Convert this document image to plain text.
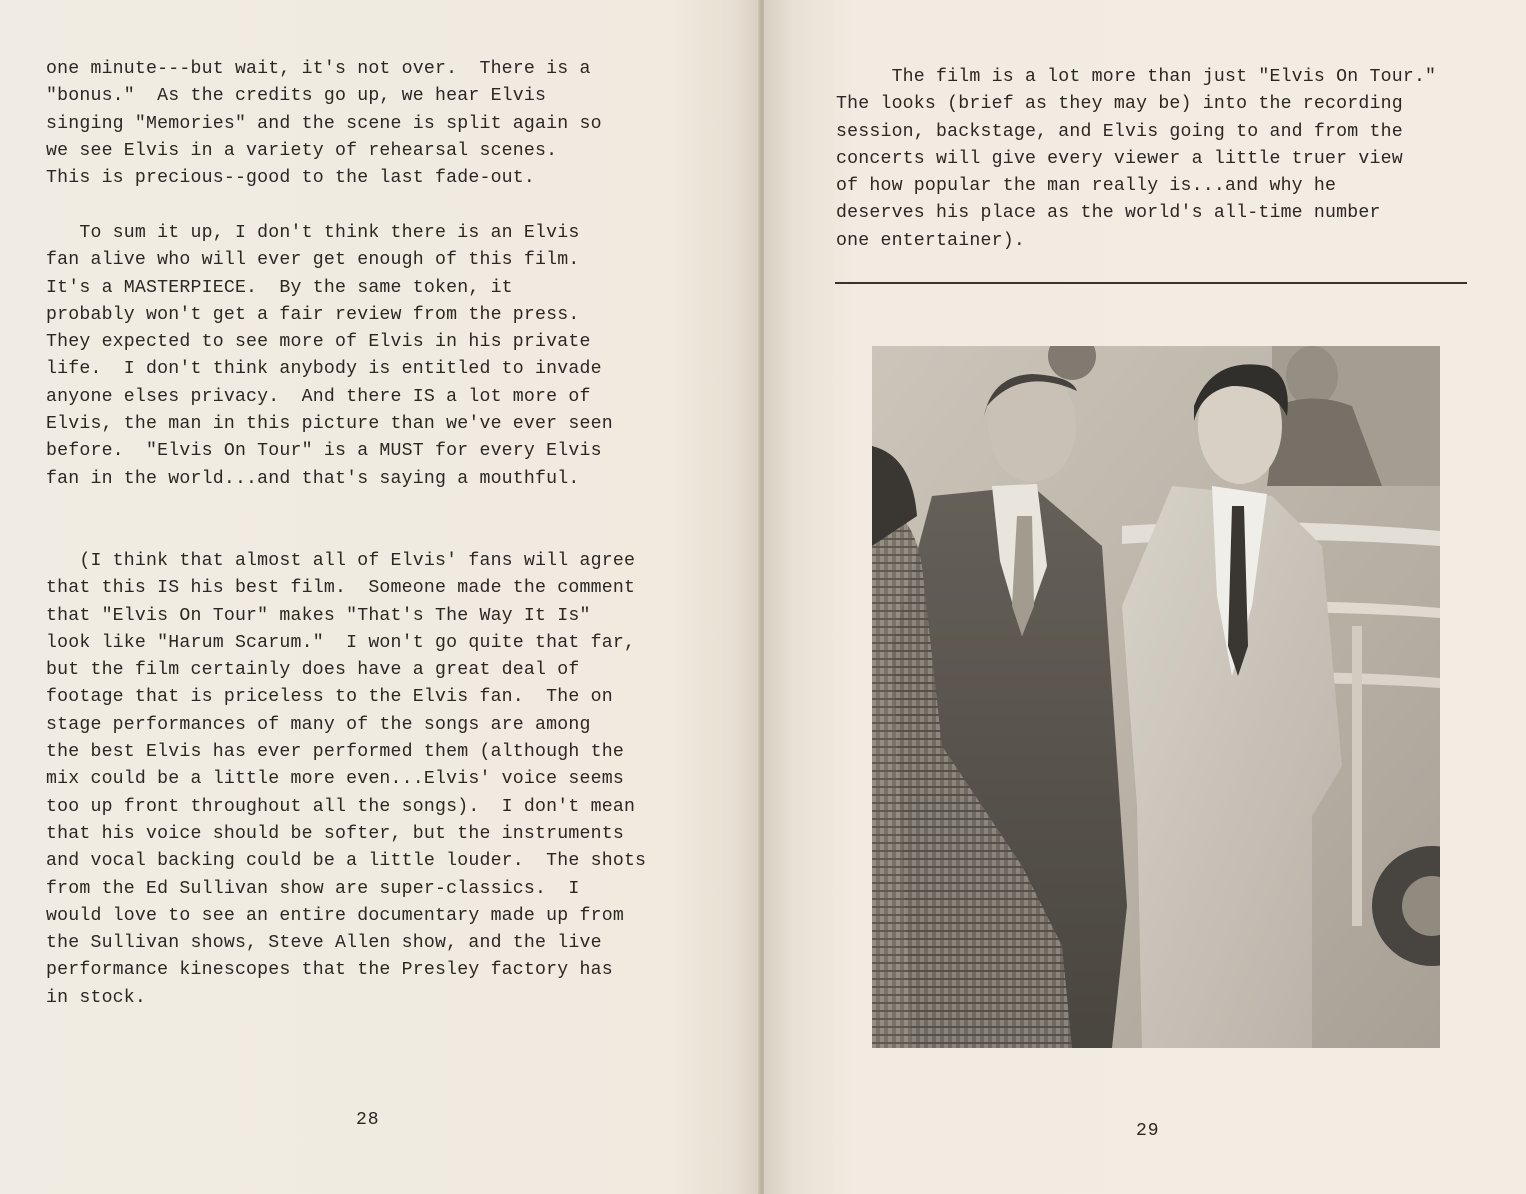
one minute---but wait, it's not over.  There is a
"bonus."  As the credits go up, we hear Elvis
singing "Memories" and the scene is split again so
we see Elvis in a variety of rehearsal scenes.
This is precious--good to the last fade-out.
To sum it up, I don't think there is an Elvis
fan alive who will ever get enough of this film.
It's a MASTERPIECE.  By the same token, it
probably won't get a fair review from the press.
They expected to see more of Elvis in his private
life.  I don't think anybody is entitled to invade
anyone elses privacy.  And there IS a lot more of
Elvis, the man in this picture than we've ever seen
before.  "Elvis On Tour" is a MUST for every Elvis
fan in the world...and that's saying a mouthful.
(I think that almost all of Elvis' fans will agree
that this IS his best film.  Someone made the comment
that "Elvis On Tour" makes "That's The Way It Is"
look like "Harum Scarum."  I won't go quite that far,
but the film certainly does have a great deal of
footage that is priceless to the Elvis fan.  The on
stage performances of many of the songs are among
the best Elvis has ever performed them (although the
mix could be a little more even...Elvis' voice seems
too up front throughout all the songs).  I don't mean
that his voice should be softer, but the instruments
and vocal backing could be a little louder.  The shots
from the Ed Sullivan show are super-classics.  I
would love to see an entire documentary made up from
the Sullivan shows, Steve Allen show, and the live
performance kinescopes that the Presley factory has
in stock.
28
The film is a lot more than just "Elvis On Tour."
The looks (brief as they may be) into the recording
session, backstage, and Elvis going to and from the
concerts will give every viewer a little truer view
of how popular the man really is...and why he
deserves his place as the world's all-time number
one entertainer).
29
